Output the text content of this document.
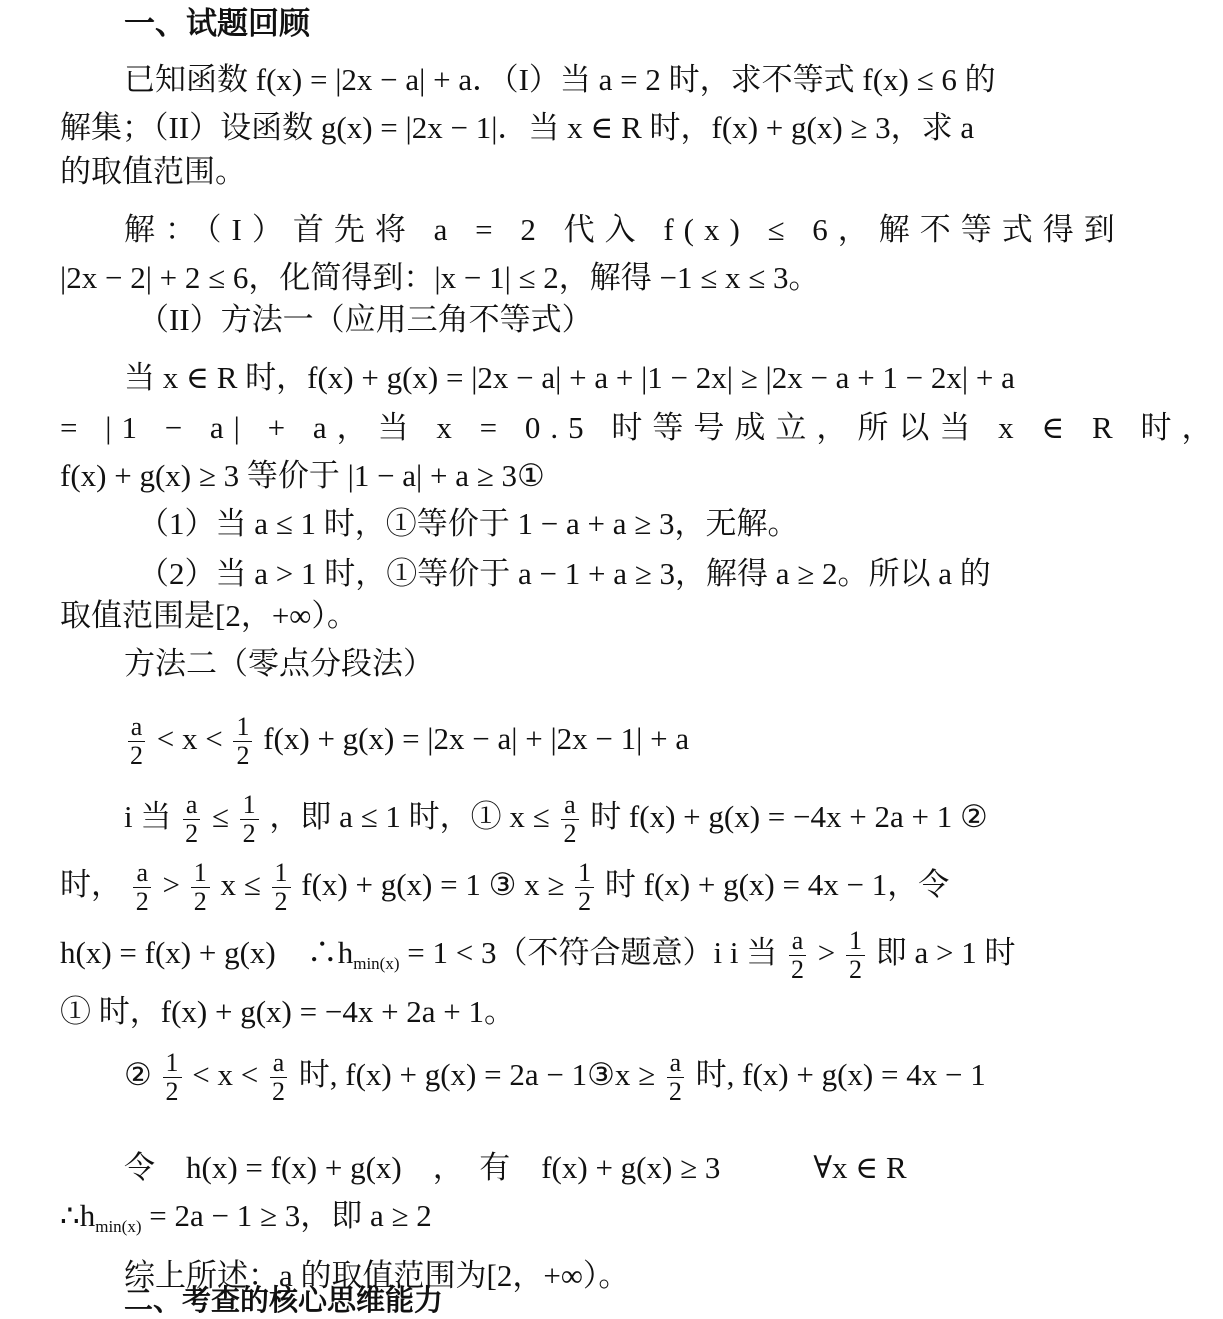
一、试题回顾
已知函数 f(x) = |2x − a| + a．（I）当 a = 2 时，求不等式 f(x) ≤ 6 的
解集；（II）设函数 g(x) = |2x − 1|．当 x ∈ R 时，f(x) + g(x) ≥ 3，求 a
的取值范围。
解：（I）首先将 a = 2 代入 f(x) ≤ 6，解不等式得到
|2x − 2| + 2 ≤ 6，化简得到：|x − 1| ≤ 2，解得 −1 ≤ x ≤ 3。
（II）方法一（应用三角不等式）
当 x ∈ R 时，f(x) + g(x) = |2x − a| + a + |1 − 2x| ≥ |2x − a + 1 − 2x| + a
= |1 − a| + a，当 x = 0.5 时等号成立，所以当 x ∈ R 时，
f(x) + g(x) ≥ 3 等价于 |1 − a| + a ≥ 3①
（1）当 a ≤ 1 时，①等价于 1 − a + a ≥ 3，无解。
（2）当 a > 1 时，①等价于 a − 1 + a ≥ 3，解得 a ≥ 2。所以 a 的
取值范围是[2，+∞）。
方法二（零点分段法）
$\frac{a}{2} < x < \frac{1}{2} f(x) + g(x) = |2x - a| + |2x - 1| + a$
i 当 $\frac{a}{2} \le \frac{1}{2}$ ，即 a ≤ 1 时，① $x \le \frac{a}{2}$ 时 f(x) + g(x) = −4x + 2a + 1 ②
时， $\frac{a}{2} > \frac{1}{2}$ $x \le \frac{1}{2} f(x) + g(x) = 1$ ③ $x \ge \frac{1}{2}$ 时 f(x) + g(x) = 4x − 1，令
h(x) = f(x) + g(x)　$\therefore h_{min(x)} = 1 < 3$（不符合题意）i i 当 $\frac{a}{2} > \frac{1}{2}$ 即 a > 1 时
① 时，f(x) + g(x) = −4x + 2a + 1。
② $\frac{1}{2} < x < \frac{a}{2}$ 时, f(x) + g(x) = 2a − 1③x ≥ $\frac{a}{2}$ 时, f(x) + g(x) = 4x − 1
令　h(x) = f(x) + g(x)　，　有　f(x) + g(x) ≥ 3　　　∀x ∈ R
$\therefore h_{min(x)} = 2a - 1 \ge 3$，即 a ≥ 2
综上所述：a 的取值范围为[2，+∞）。
二、考查的核心思维能力
